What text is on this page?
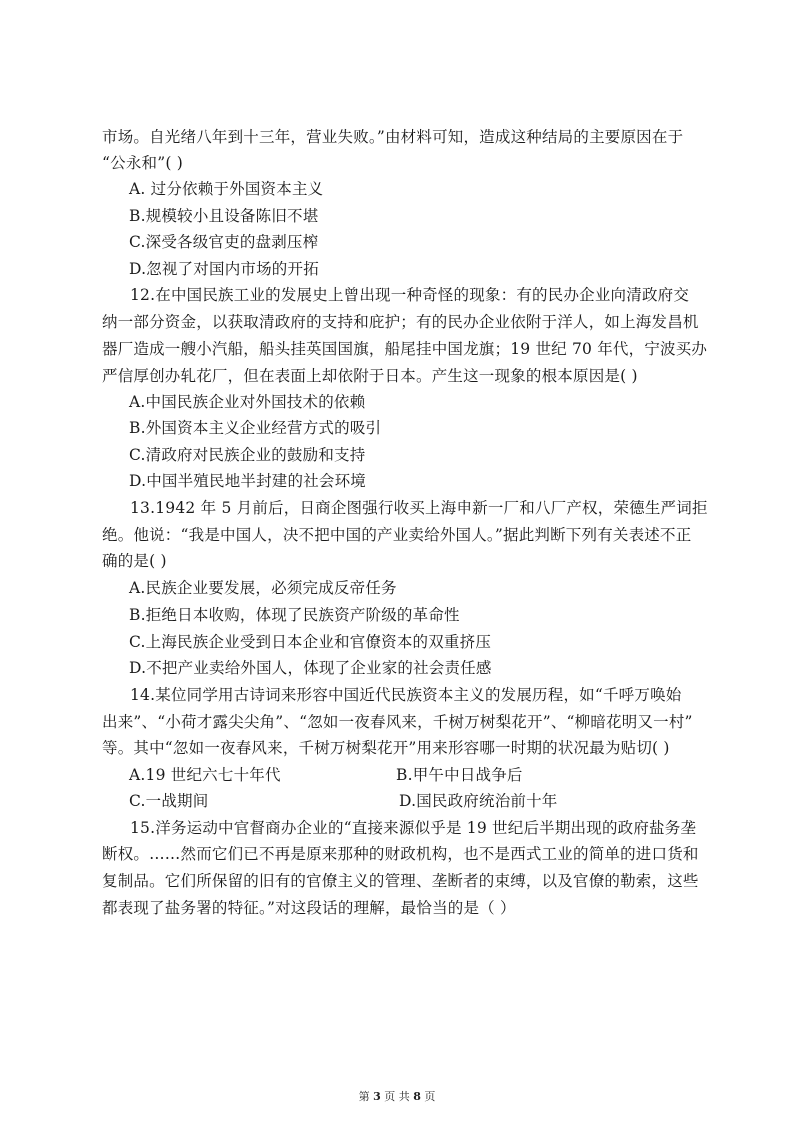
市场。自光绪八年到十三年，营业失败。”由材料可知，造成这种结局的主要原因在于
“公永和”( )
A. 过分依赖于外国资本主义
B.规模较小且设备陈旧不堪
C.深受各级官吏的盘剥压榨
D.忽视了对国内市场的开拓
12.在中国民族工业的发展史上曾出现一种奇怪的现象：有的民办企业向清政府交
纳一部分资金，以获取清政府的支持和庇护；有的民办企业依附于洋人，如上海发昌机
器厂造成一艘小汽船，船头挂英国国旗，船尾挂中国龙旗；19 世纪 70 年代，宁波买办
严信厚创办轧花厂，但在表面上却依附于日本。产生这一现象的根本原因是( )
A.中国民族企业对外国技术的依赖
B.外国资本主义企业经营方式的吸引
C.清政府对民族企业的鼓励和支持
D.中国半殖民地半封建的社会环境
13.1942 年 5 月前后，日商企图强行收买上海申新一厂和八厂产权，荣德生严词拒
绝。他说：“我是中国人，决不把中国的产业卖给外国人。”据此判断下列有关表述不正
确的是( )
A.民族企业要发展，必须完成反帝任务
B.拒绝日本收购，体现了民族资产阶级的革命性
C.上海民族企业受到日本企业和官僚资本的双重挤压
D.不把产业卖给外国人，体现了企业家的社会责任感
14.某位同学用古诗词来形容中国近代民族资本主义的发展历程，如“千呼万唤始
出来”、“小荷才露尖尖角”、“忽如一夜春风来，千树万树梨花开”、“柳暗花明又一村”
等。其中“忽如一夜春风来，千树万树梨花开”用来形容哪一时期的状况最为贴切( )
A.19 世纪六七十年代	B.甲午中日战争后
C.一战期间	D.国民政府统治前十年
15.洋务运动中官督商办企业的“直接来源似乎是 19 世纪后半期出现的政府盐务垄
断权。……然而它们已不再是原来那种的财政机构，也不是西式工业的简单的进口货和
复制品。它们所保留的旧有的官僚主义的管理、垄断者的束缚，以及官僚的勒索，这些
都表现了盐务署的特征。”对这段话的理解，最恰当的是（ ）
第 3 页 共 8 页
